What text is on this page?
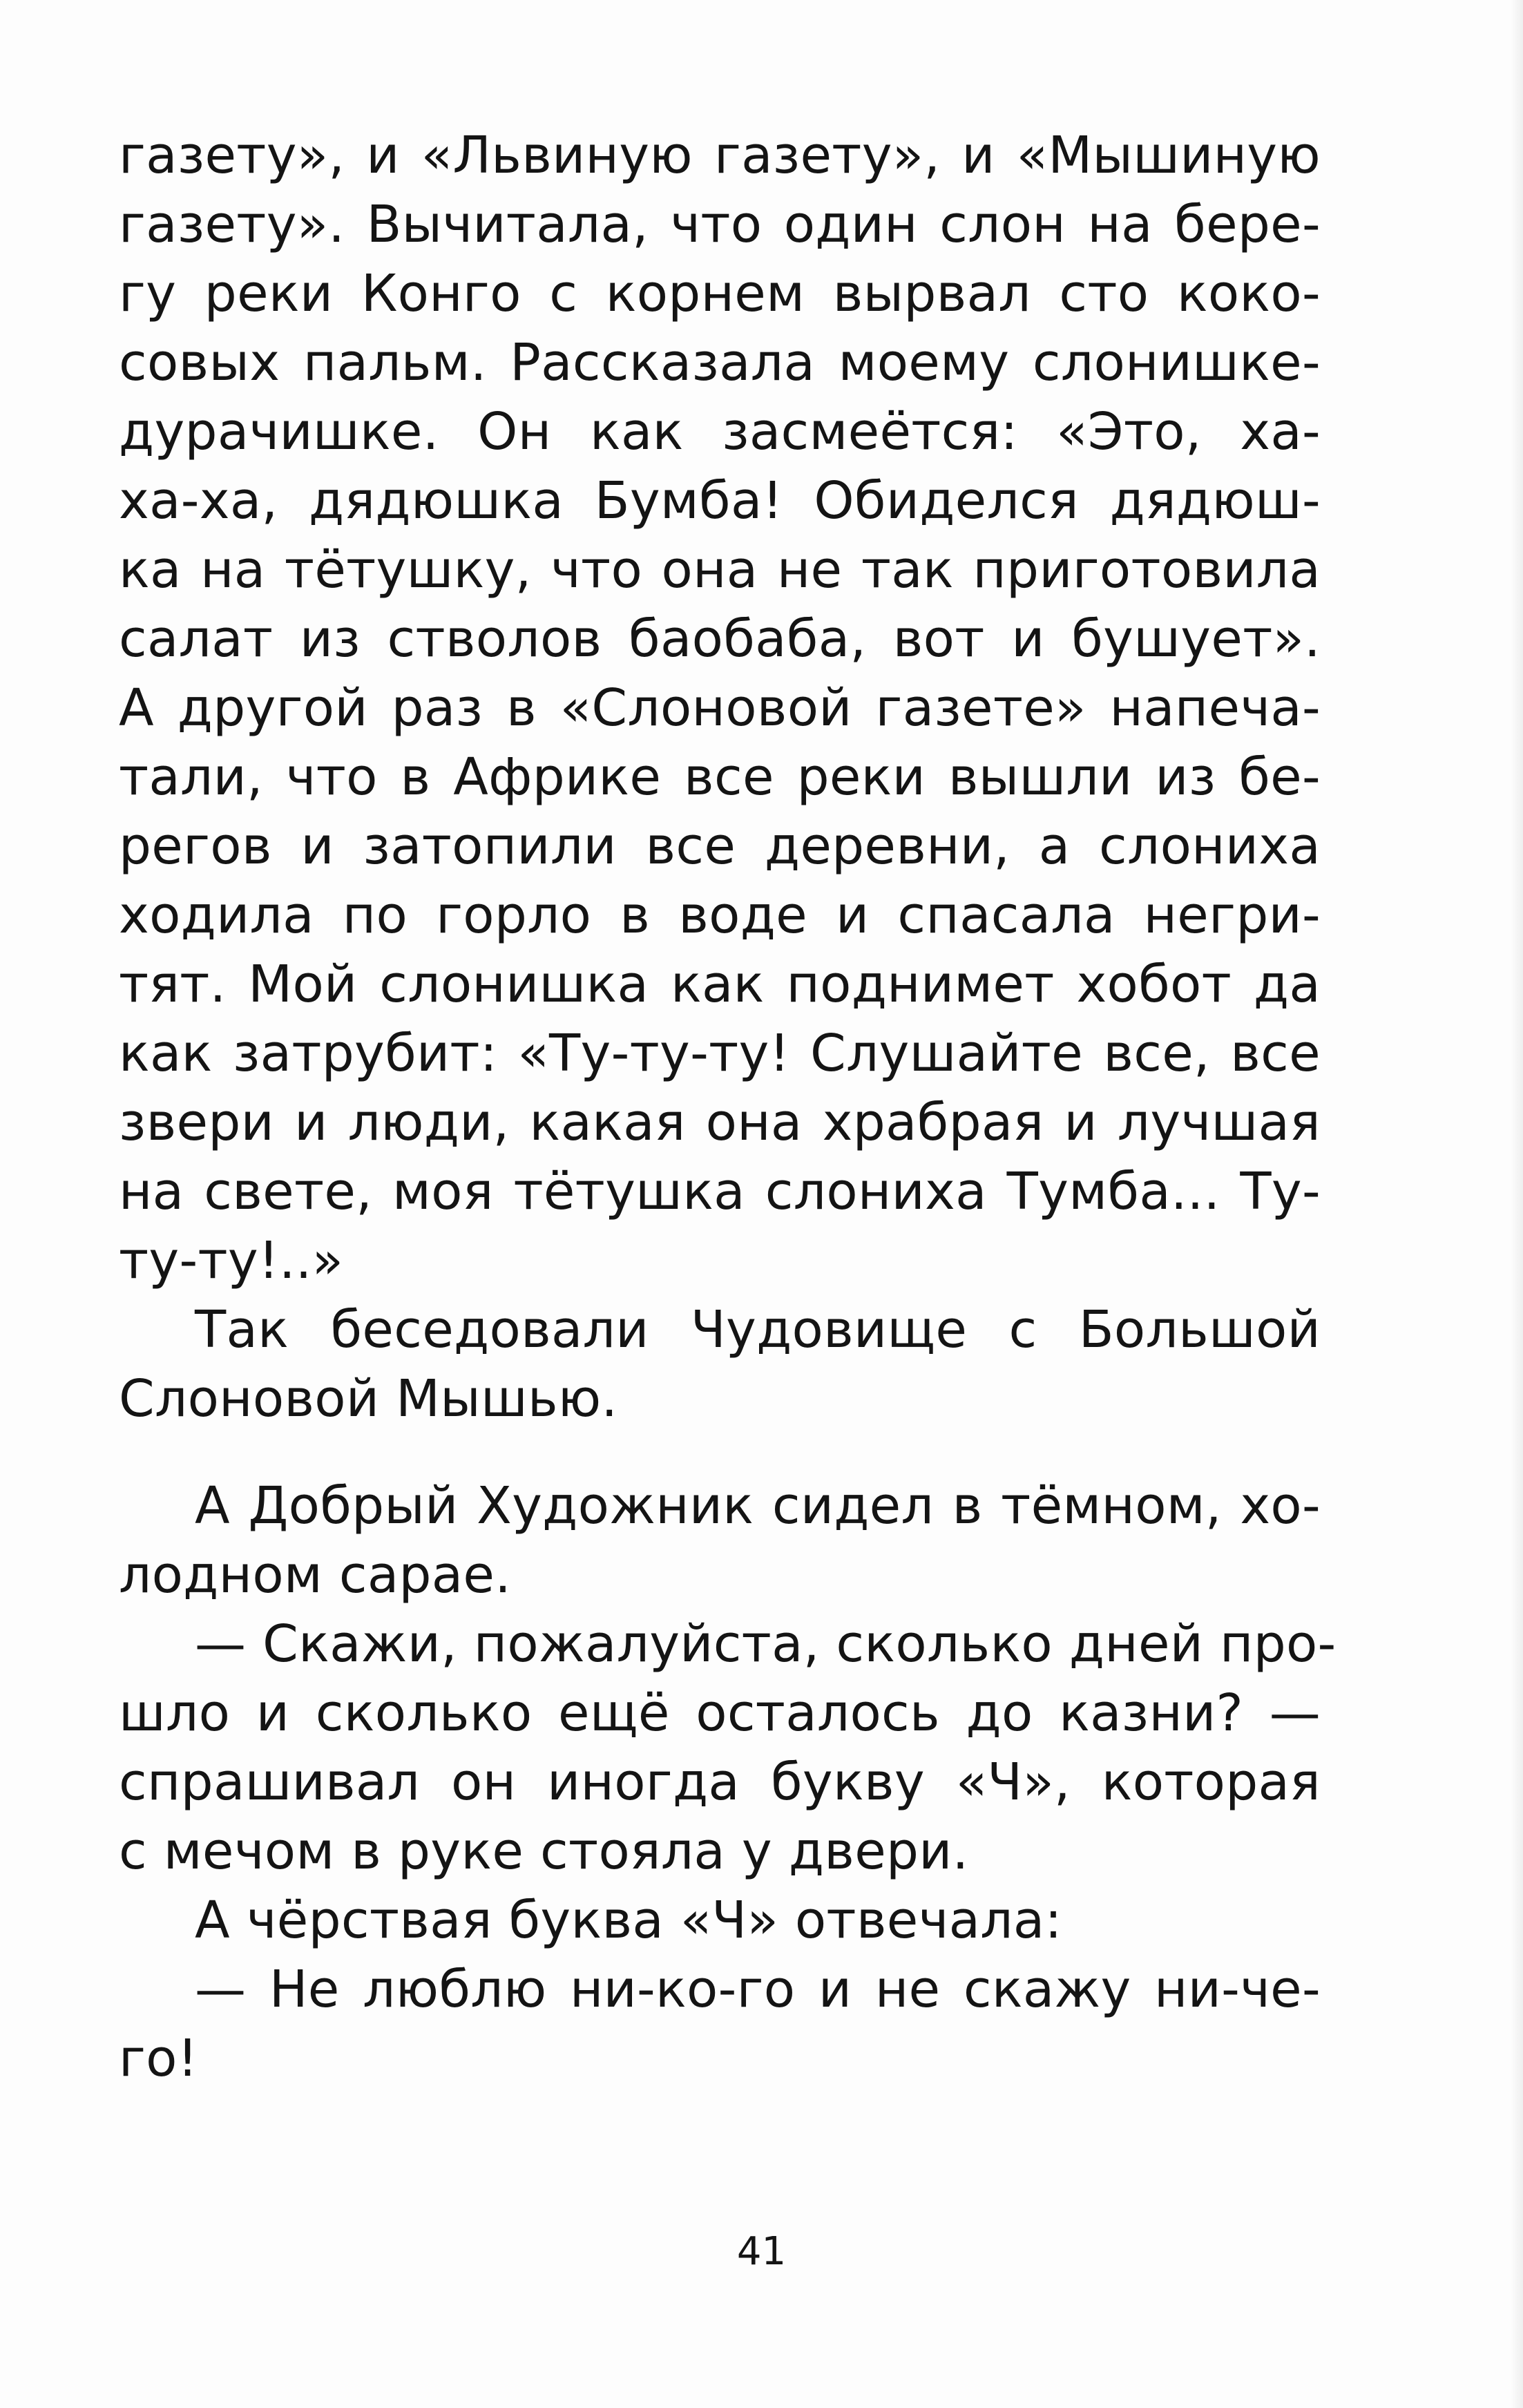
газету», и «Львиную газету», и «Мышиную
газету». Вычитала, что один слон на бере-
гу реки Конго с корнем вырвал сто коко-
совых пальм. Рассказала моему слонишке-
дурачишке. Он как засмеётся: «Это, ха-
ха-ха, дядюшка Бумба! Обиделся дядюш-
ка на тётушку, что она не так приготовила
салат из стволов баобаба, вот и бушует».
А другой раз в «Слоновой газете» напеча-
тали, что в Африке все реки вышли из бе-
регов и затопили все деревни, а слониха
ходила по горло в воде и спасала негри-
тят. Мой слонишка как поднимет хобот да
как затрубит: «Ту-ту-ту! Слушайте все, все
звери и люди, какая она храбрая и лучшая
на свете, моя тётушка слониха Тумба... Ту-
ту-ту!..»
Так беседовали Чудовище с Большой
Слоновой Мышью.
А Добрый Художник сидел в тёмном, хо-
лодном сарае.
— Скажи, пожалуйста, сколько дней про-
шло и сколько ещё осталось до казни? —
спрашивал он иногда букву «Ч», которая
с мечом в руке стояла у двери.
А чёрствая буква «Ч» отвечала:
— Не люблю ни-ко-го и не скажу ни-че-
го!
41
